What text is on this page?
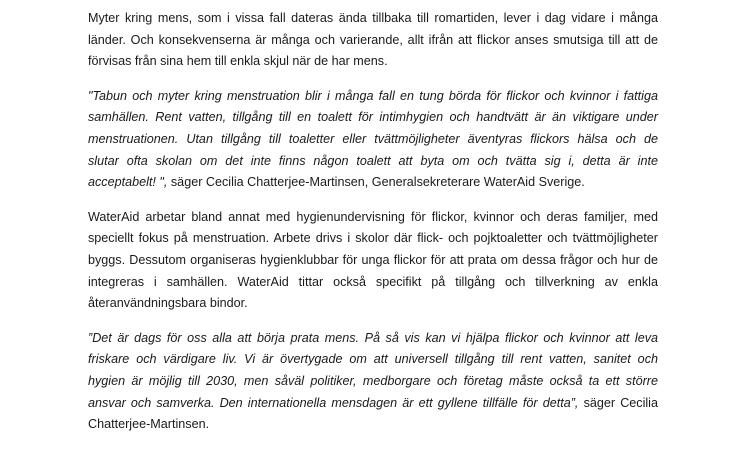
Myter kring mens, som i vissa fall dateras ända tillbaka till romartiden, lever i dag vidare i många
länder. Och konsekvenserna är många och varierande, allt ifrån att flickor anses smutsiga till att de
förvisas från sina hem till enkla skjul när de har mens.

"Tabun och myter kring menstruation blir i många fall en tung börda för flickor och kvinnor i fattiga
samhällen. Rent vatten, tillgång till en toalett för intimhygien och handtvätt är än viktigare under
menstruationen. Utan tillgång till toaletter eller tvättmöjligheter äventyras flickors hälsa och de
slutar ofta skolan om det inte finns någon toalett att byta om och tvätta sig i, detta är inte
acceptabelt! ", säger Cecilia Chatterjee-Martinsen, Generalsekreterare WaterAid Sverige.

WaterAid arbetar bland annat med hygienundervisning för flickor, kvinnor och deras familjer, med
speciellt fokus på menstruation. Arbete drivs i skolor där flick- och pojktoaletter och tvättmöjligheter
byggs. Dessutom organiseras hygienklubbar för unga flickor för att prata om dessa frågor och hur de
integreras i samhällen. WaterAid tittar också specifikt på tillgång och tillverkning av enkla
återanvändningsbara bindor.

”Det är dags för oss alla att börja prata mens. På så vis kan vi hjälpa flickor och kvinnor att leva
friskare och värdigare liv. Vi är övertygade om att universell tillgång till rent vatten, sanitet och
hygien är möjlig till 2030, men såväl politiker, medborgare och företag måste också ta ett större
ansvar och samverka. Den internationella mensdagen är ett gyllene tillfälle för detta”, säger Cecilia
Chatterjee-Martinsen.
